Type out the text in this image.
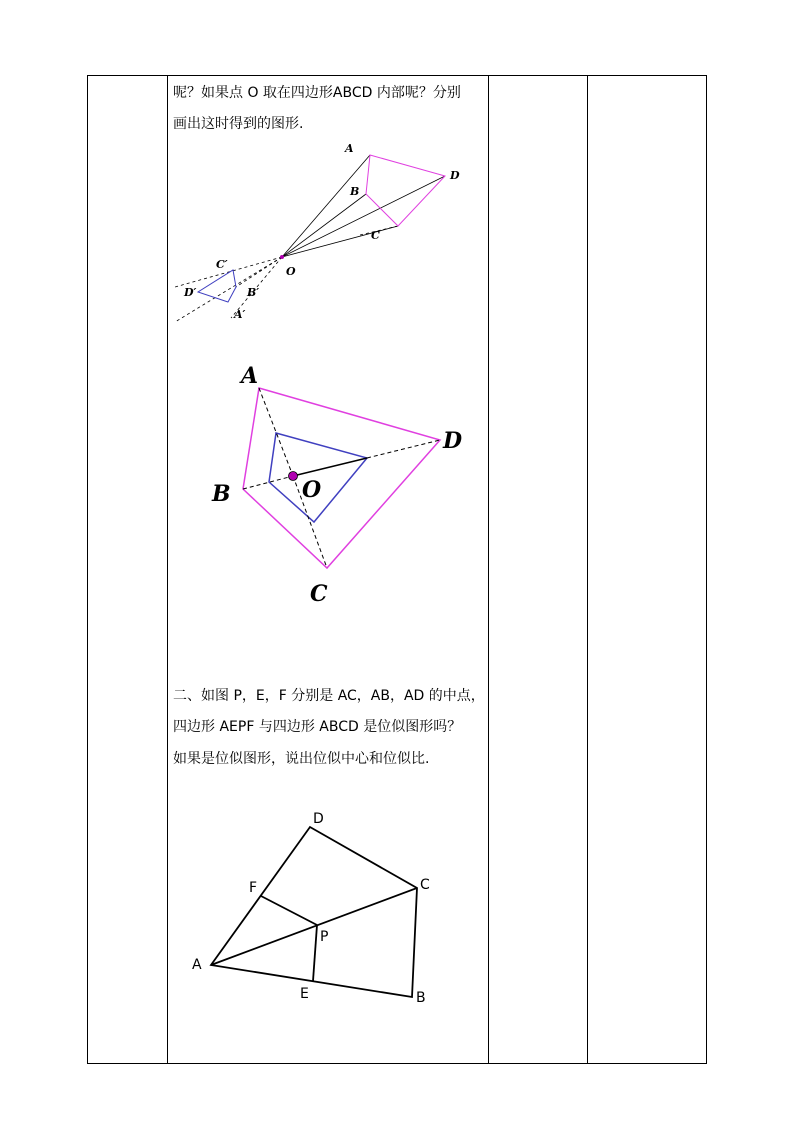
呢？如果点 O 取在四边形ABCD 内部呢？分别
画出这时得到的图形.
A
B
C
D
O
C′
D′	B′
A′
A
B
C
D
O
二、如图 P，E，F 分别是 AC，AB，AD 的中点，
四边形 AEPF 与四边形 ABCD 是位似图形吗？
如果是位似图形，说出位似中心和位似比.
A
B
C
D
E
F
P
